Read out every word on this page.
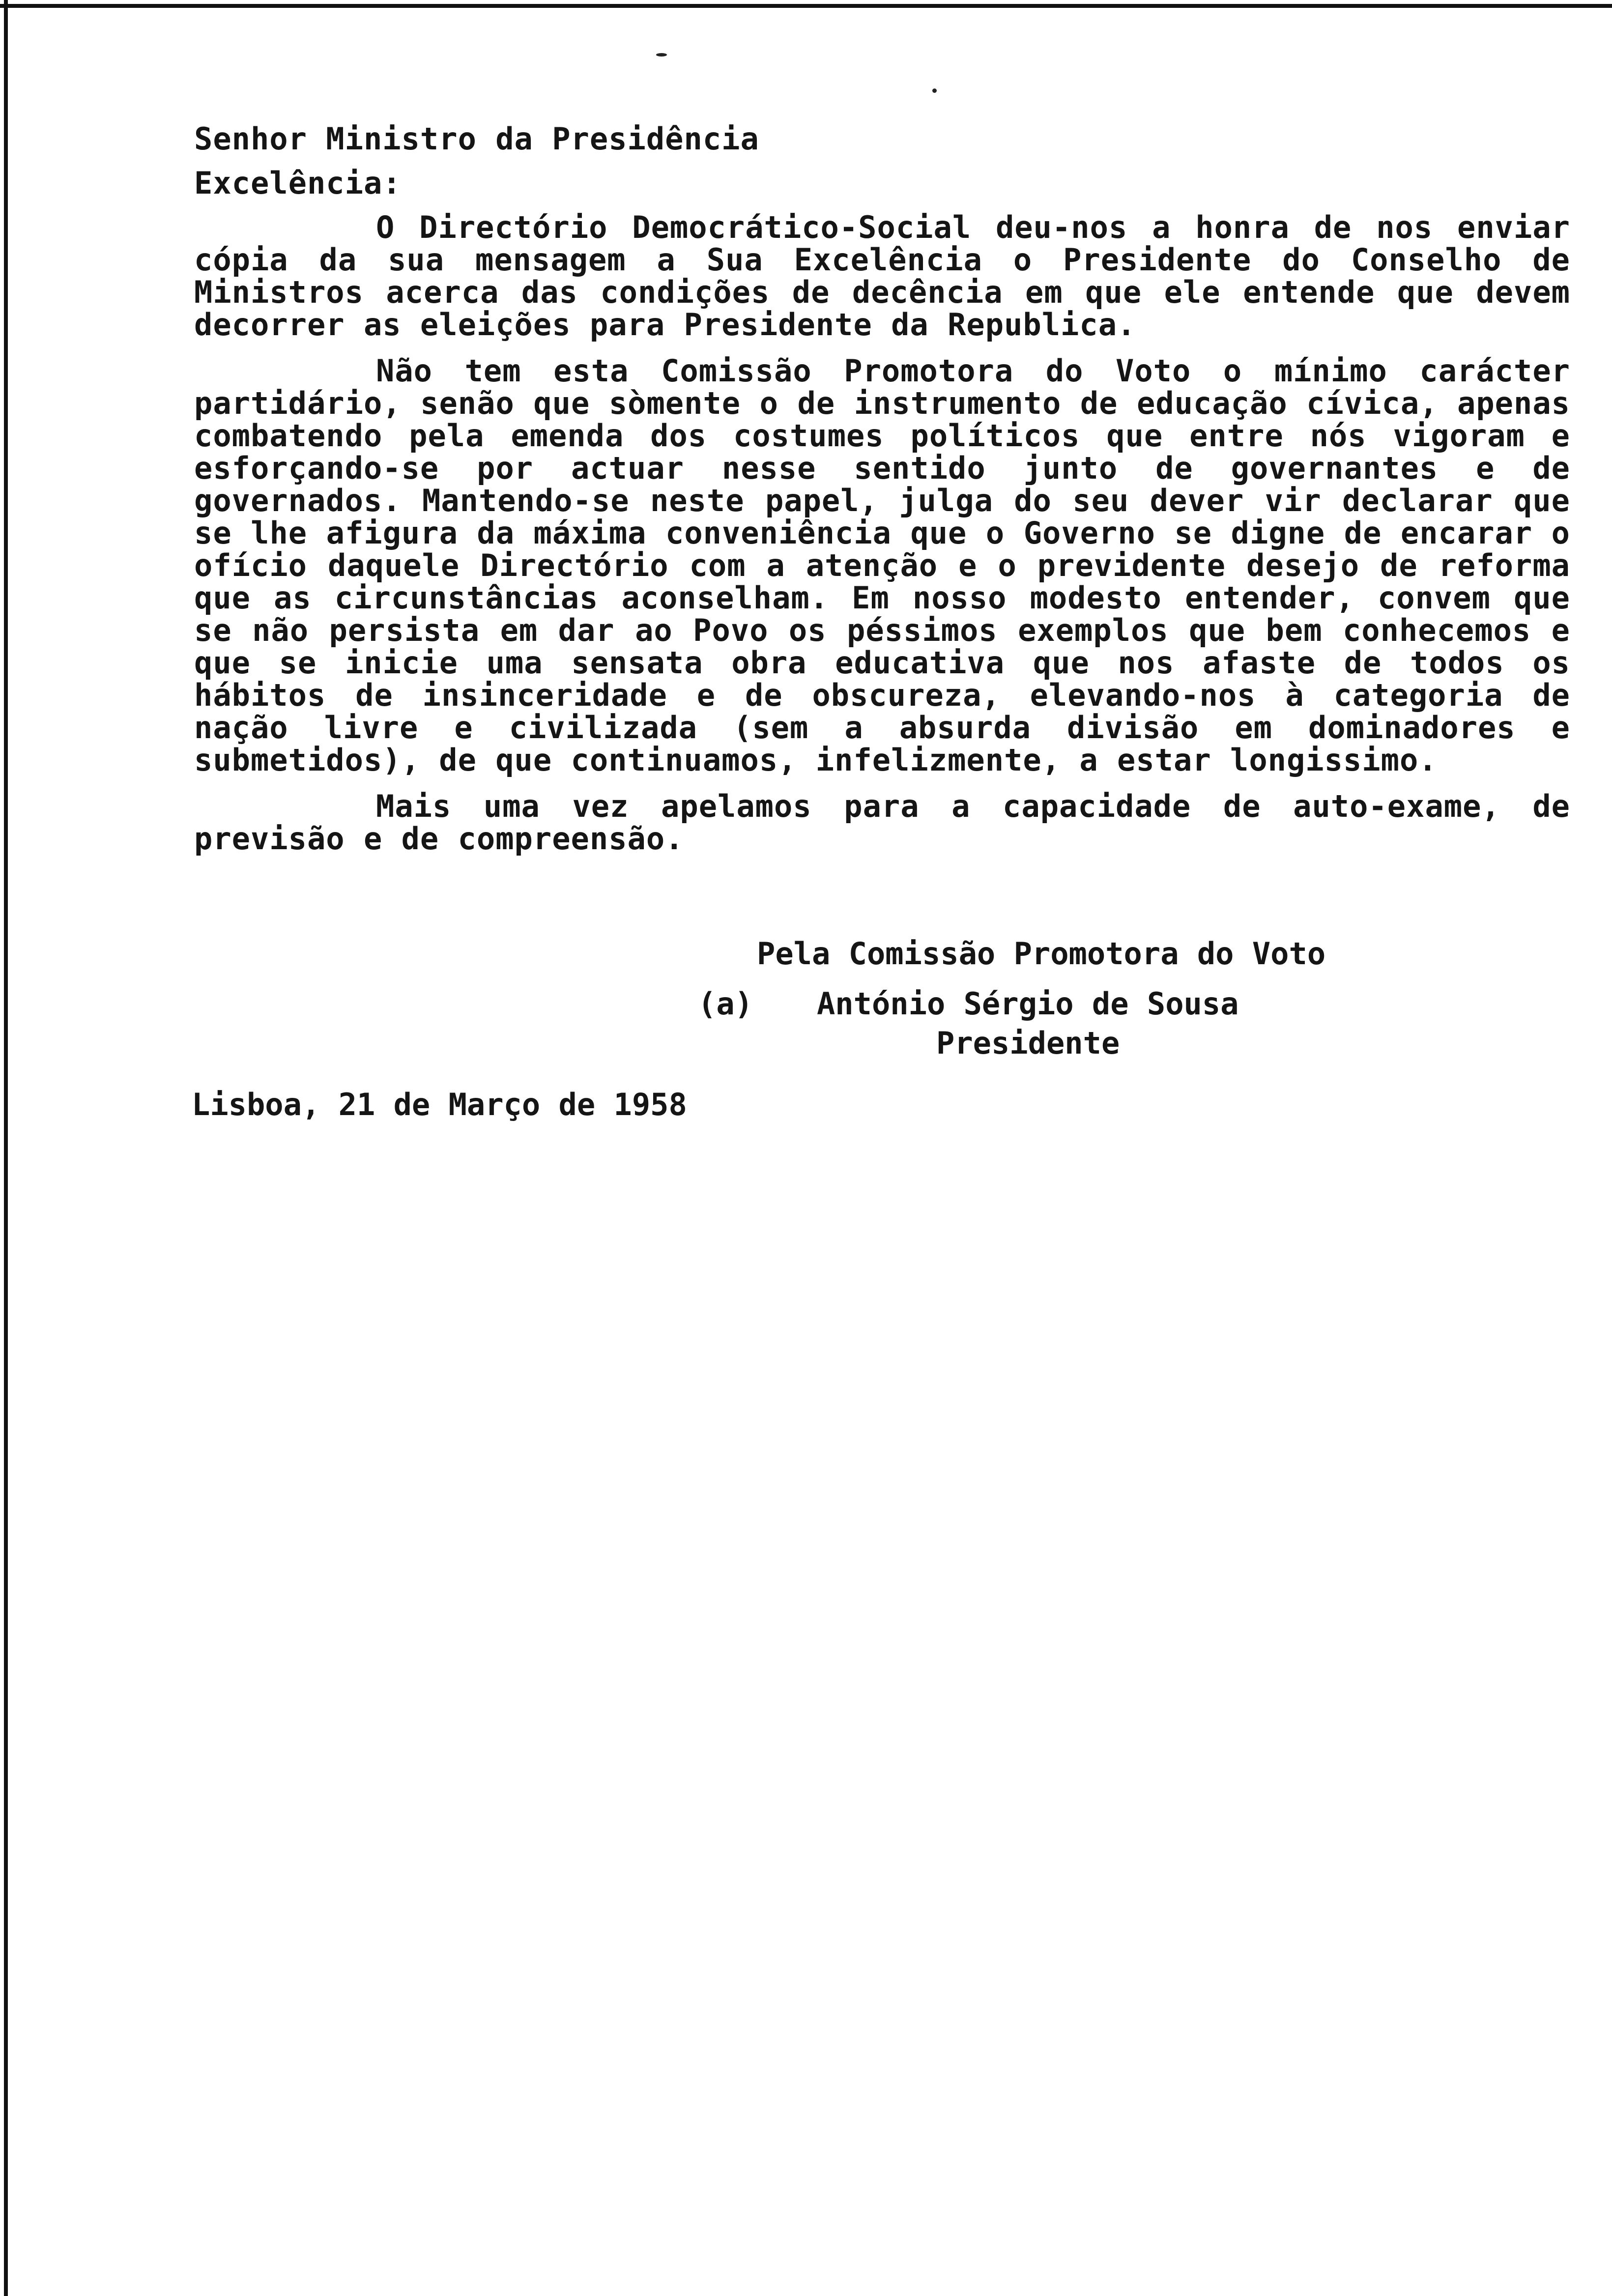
Senhor Ministro da Presidência

Excelência:

O Directório Democrático-Social deu-nos a honra de nos enviar cópia da sua mensagem a Sua Excelência o Presidente do Conselho de Ministros acerca das condições de decência em que ele entende que devem decorrer as eleições para Presidente da Republica.

Não tem esta Comissão Promotora do Voto o mínimo carácter partidário, senão que sòmente o de instrumento de educação cívica, apenas combatendo pela emenda dos costumes políticos que entre nós vigoram e esforçando-se por actuar nesse sentido junto de governantes e de governados. Mantendo-se neste papel, julga do seu dever vir declarar que se lhe afigura da máxima conveniência que o Governo se digne de encarar o ofício daquele Directório com a atenção e o previdente desejo de reforma que as circunstâncias aconselham. Em nosso modesto entender, convem que se não persista em dar ao Povo os péssimos exemplos que bem conhecemos e que se inicie uma sensata obra educativa que nos afaste de todos os hábitos de insinceridade e de obscureza, elevando-nos à categoria de nação livre e civilizada (sem a absurda divisão em dominadores e submetidos), de que continuamos, infelizmente, a estar longissimo.

Mais uma vez apelamos para a capacidade de auto-exame, de previsão e de compreensão.

Pela Comissão Promotora do Voto
(a) António Sérgio de Sousa
Presidente
Lisboa, 21 de Março de 1958
